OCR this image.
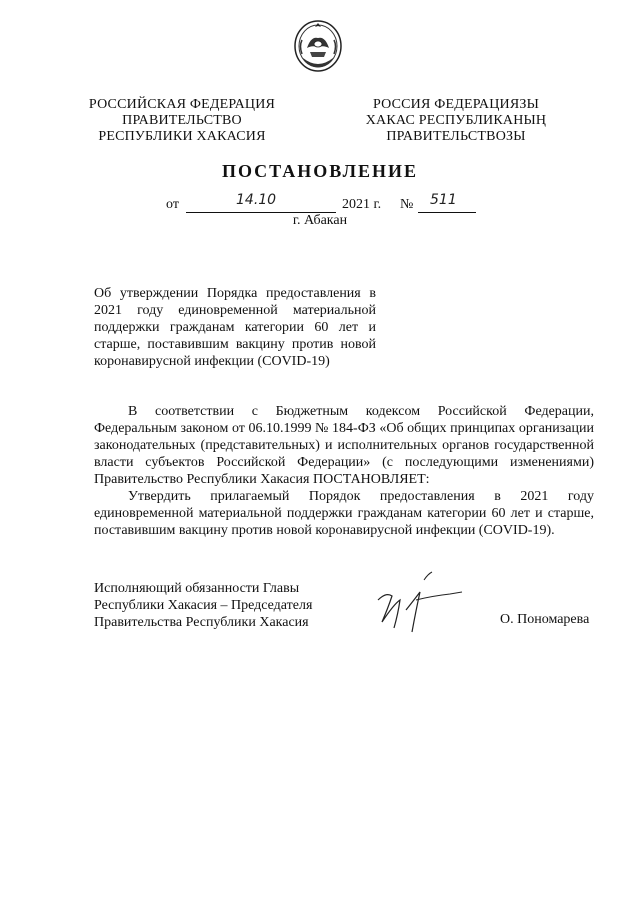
РОССИЙСКАЯ ФЕДЕРАЦИЯ
ПРАВИТЕЛЬСТВО
РЕСПУБЛИКИ ХАКАСИЯ
РОССИЯ ФЕДЕРАЦИЯЗЫ
ХАКАС РЕСПУБЛИКАНЫҢ
ПРАВИТЕЛЬСТВОЗЫ
ПОСТАНОВЛЕНИЕ
от	14.10	2021 г. № 511
г. Абакан
Об утверждении Порядка предоставления в
2021 году единовременной материальной
поддержки гражданам категории 60 лет и
старше, поставившим вакцину против новой
коронавирусной инфекции (COVID-19)

В соответствии с Бюджетным кодексом Российской Федерации,

Федеральным законом от 06.10.1999 № 184-ФЗ «Об общих принципах организации

законодательных (представительных) и исполнительных органов государственной

власти субъектов Российской Федерации» (с последующими изменениями)

Правительство Республики Хакасия ПОСТАНОВЛЯЕТ:

Утвердить прилагаемый Порядок предоставления в 2021 году

единовременной материальной поддержки гражданам категории 60 лет и старше,

поставившим вакцину против новой коронавирусной инфекции (COVID-19).

Исполняющий обязанности Главы
Республики Хакасия – Председателя
Правительства Республики Хакасия	О. Пономарева
